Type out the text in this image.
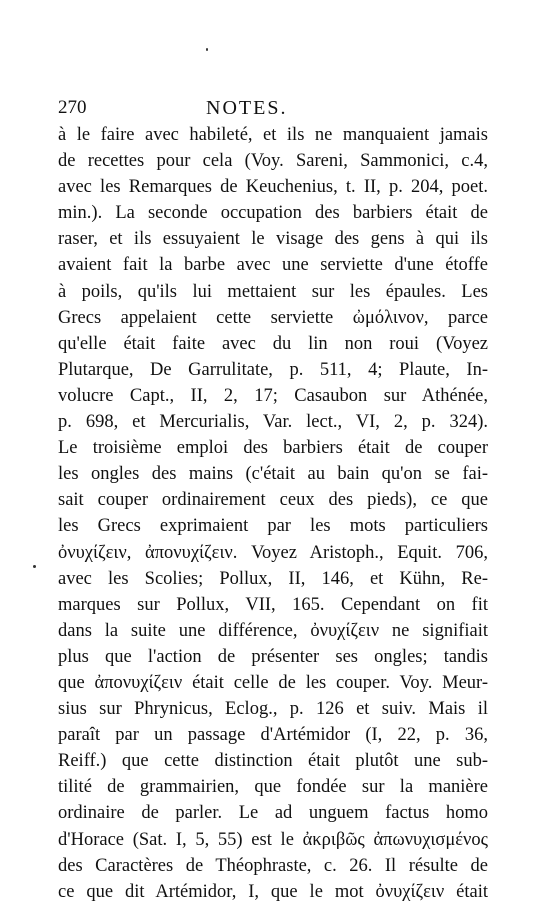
270	NOTES.
à le faire avec habileté, et ils ne manquaient jamais
de recettes pour cela (Voy. Sareni, Sammonici, c.4,
avec les Remarques de Keuchenius, t. II, p. 204, poet.
min.). La seconde occupation des barbiers était de
raser, et ils essuyaient le visage des gens à qui ils
avaient fait la barbe avec une serviette d'une étoffe
à poils, qu'ils lui mettaient sur les épaules. Les
Grecs appelaient cette serviette ὠμόλινον, parce
qu'elle était faite avec du lin non roui (Voyez
Plutarque, De Garrulitate, p. 511, 4; Plaute, In-
volucre Capt., II, 2, 17; Casaubon sur Athénée,
p. 698, et Mercurialis, Var. lect., VI, 2, p. 324).
Le troisième emploi des barbiers était de couper
les ongles des mains (c'était au bain qu'on se fai-
sait couper ordinairement ceux des pieds), ce que
les Grecs exprimaient par les mots particuliers
ὀνυχίζειν, ἀπονυχίζειν. Voyez Aristoph., Equit. 706,
avec les Scolies; Pollux, II, 146, et Kühn, Re-
marques sur Pollux, VII, 165. Cependant on fit
dans la suite une différence, ὀνυχίζειν ne signifiait
plus que l'action de présenter ses ongles; tandis
que ἀπονυχίζειν était celle de les couper. Voy. Meur-
sius sur Phrynicus, Eclog., p. 126 et suiv. Mais il
paraît par un passage d'Artémidor (I, 22, p. 36,
Reiff.) que cette distinction était plutôt une sub-
tilité de grammairien, que fondée sur la manière
ordinaire de parler. Le ad unguem factus homo
d'Horace (Sat. I, 5, 55) est le ἀκριβῶς ἀπωνυχισμένος
des Caractères de Théophraste, c. 26. Il résulte de
ce que dit Artémidor, I, que le mot ὀνυχίζειν était
